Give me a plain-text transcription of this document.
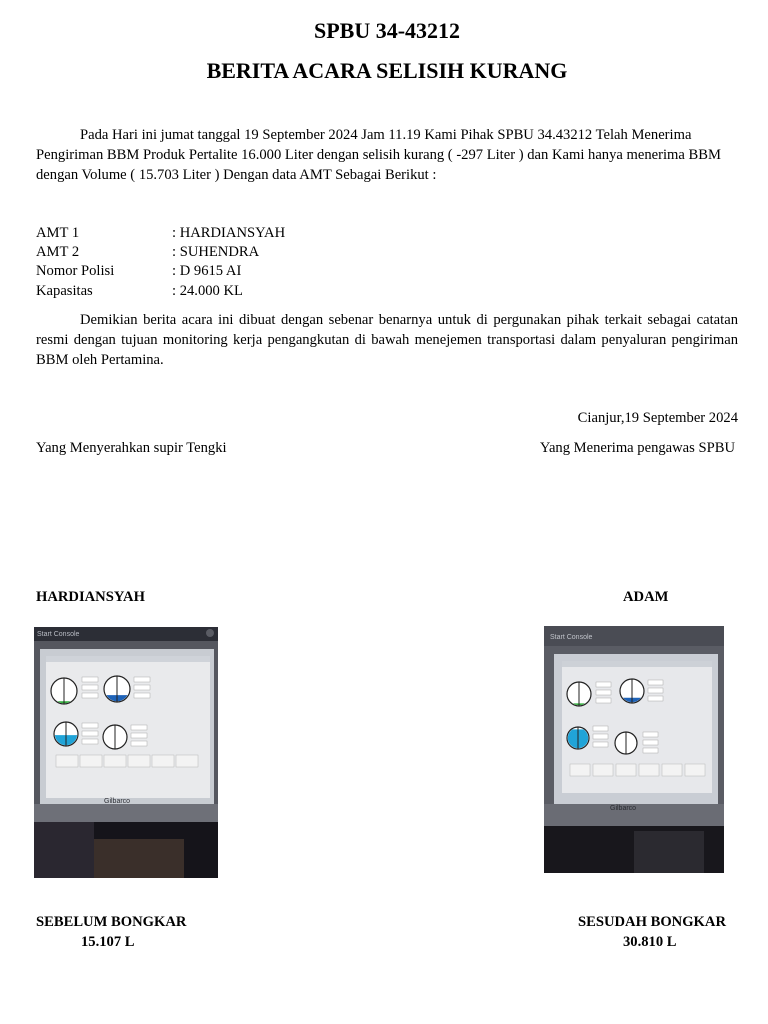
SPBU 34-43212
BERITA ACARA SELISIH KURANG
Pada Hari ini jumat tanggal 19 September 2024 Jam 11.19 Kami Pihak SPBU 34.43212 Telah Menerima Pengiriman BBM Produk Pertalite 16.000 Liter dengan selisih kurang ( -297 Liter ) dan Kami hanya menerima BBM dengan Volume ( 15.703 Liter ) Dengan data AMT Sebagai Berikut :
AMT 1	: HARDIANSYAH
AMT 2	: SUHENDRA
Nomor Polisi	: D 9615 AI
Kapasitas	: 24.000 KL
Demikian berita acara ini dibuat dengan sebenar benarnya untuk di pergunakan pihak terkait sebagai catatan resmi dengan tujuan monitoring kerja pengangkutan di bawah menejemen transportasi dalam penyaluran pengiriman BBM oleh Pertamina.
Cianjur,19 September 2024
Yang Menyerahkan supir Tengki	Yang Menerima pengawas SPBU
HARDIANSYAH	ADAM
Start Console
Gilbarco
Start Console
Gilbarco
SEBELUM BONGKAR
15.107 L
SESUDAH BONGKAR
30.810 L
